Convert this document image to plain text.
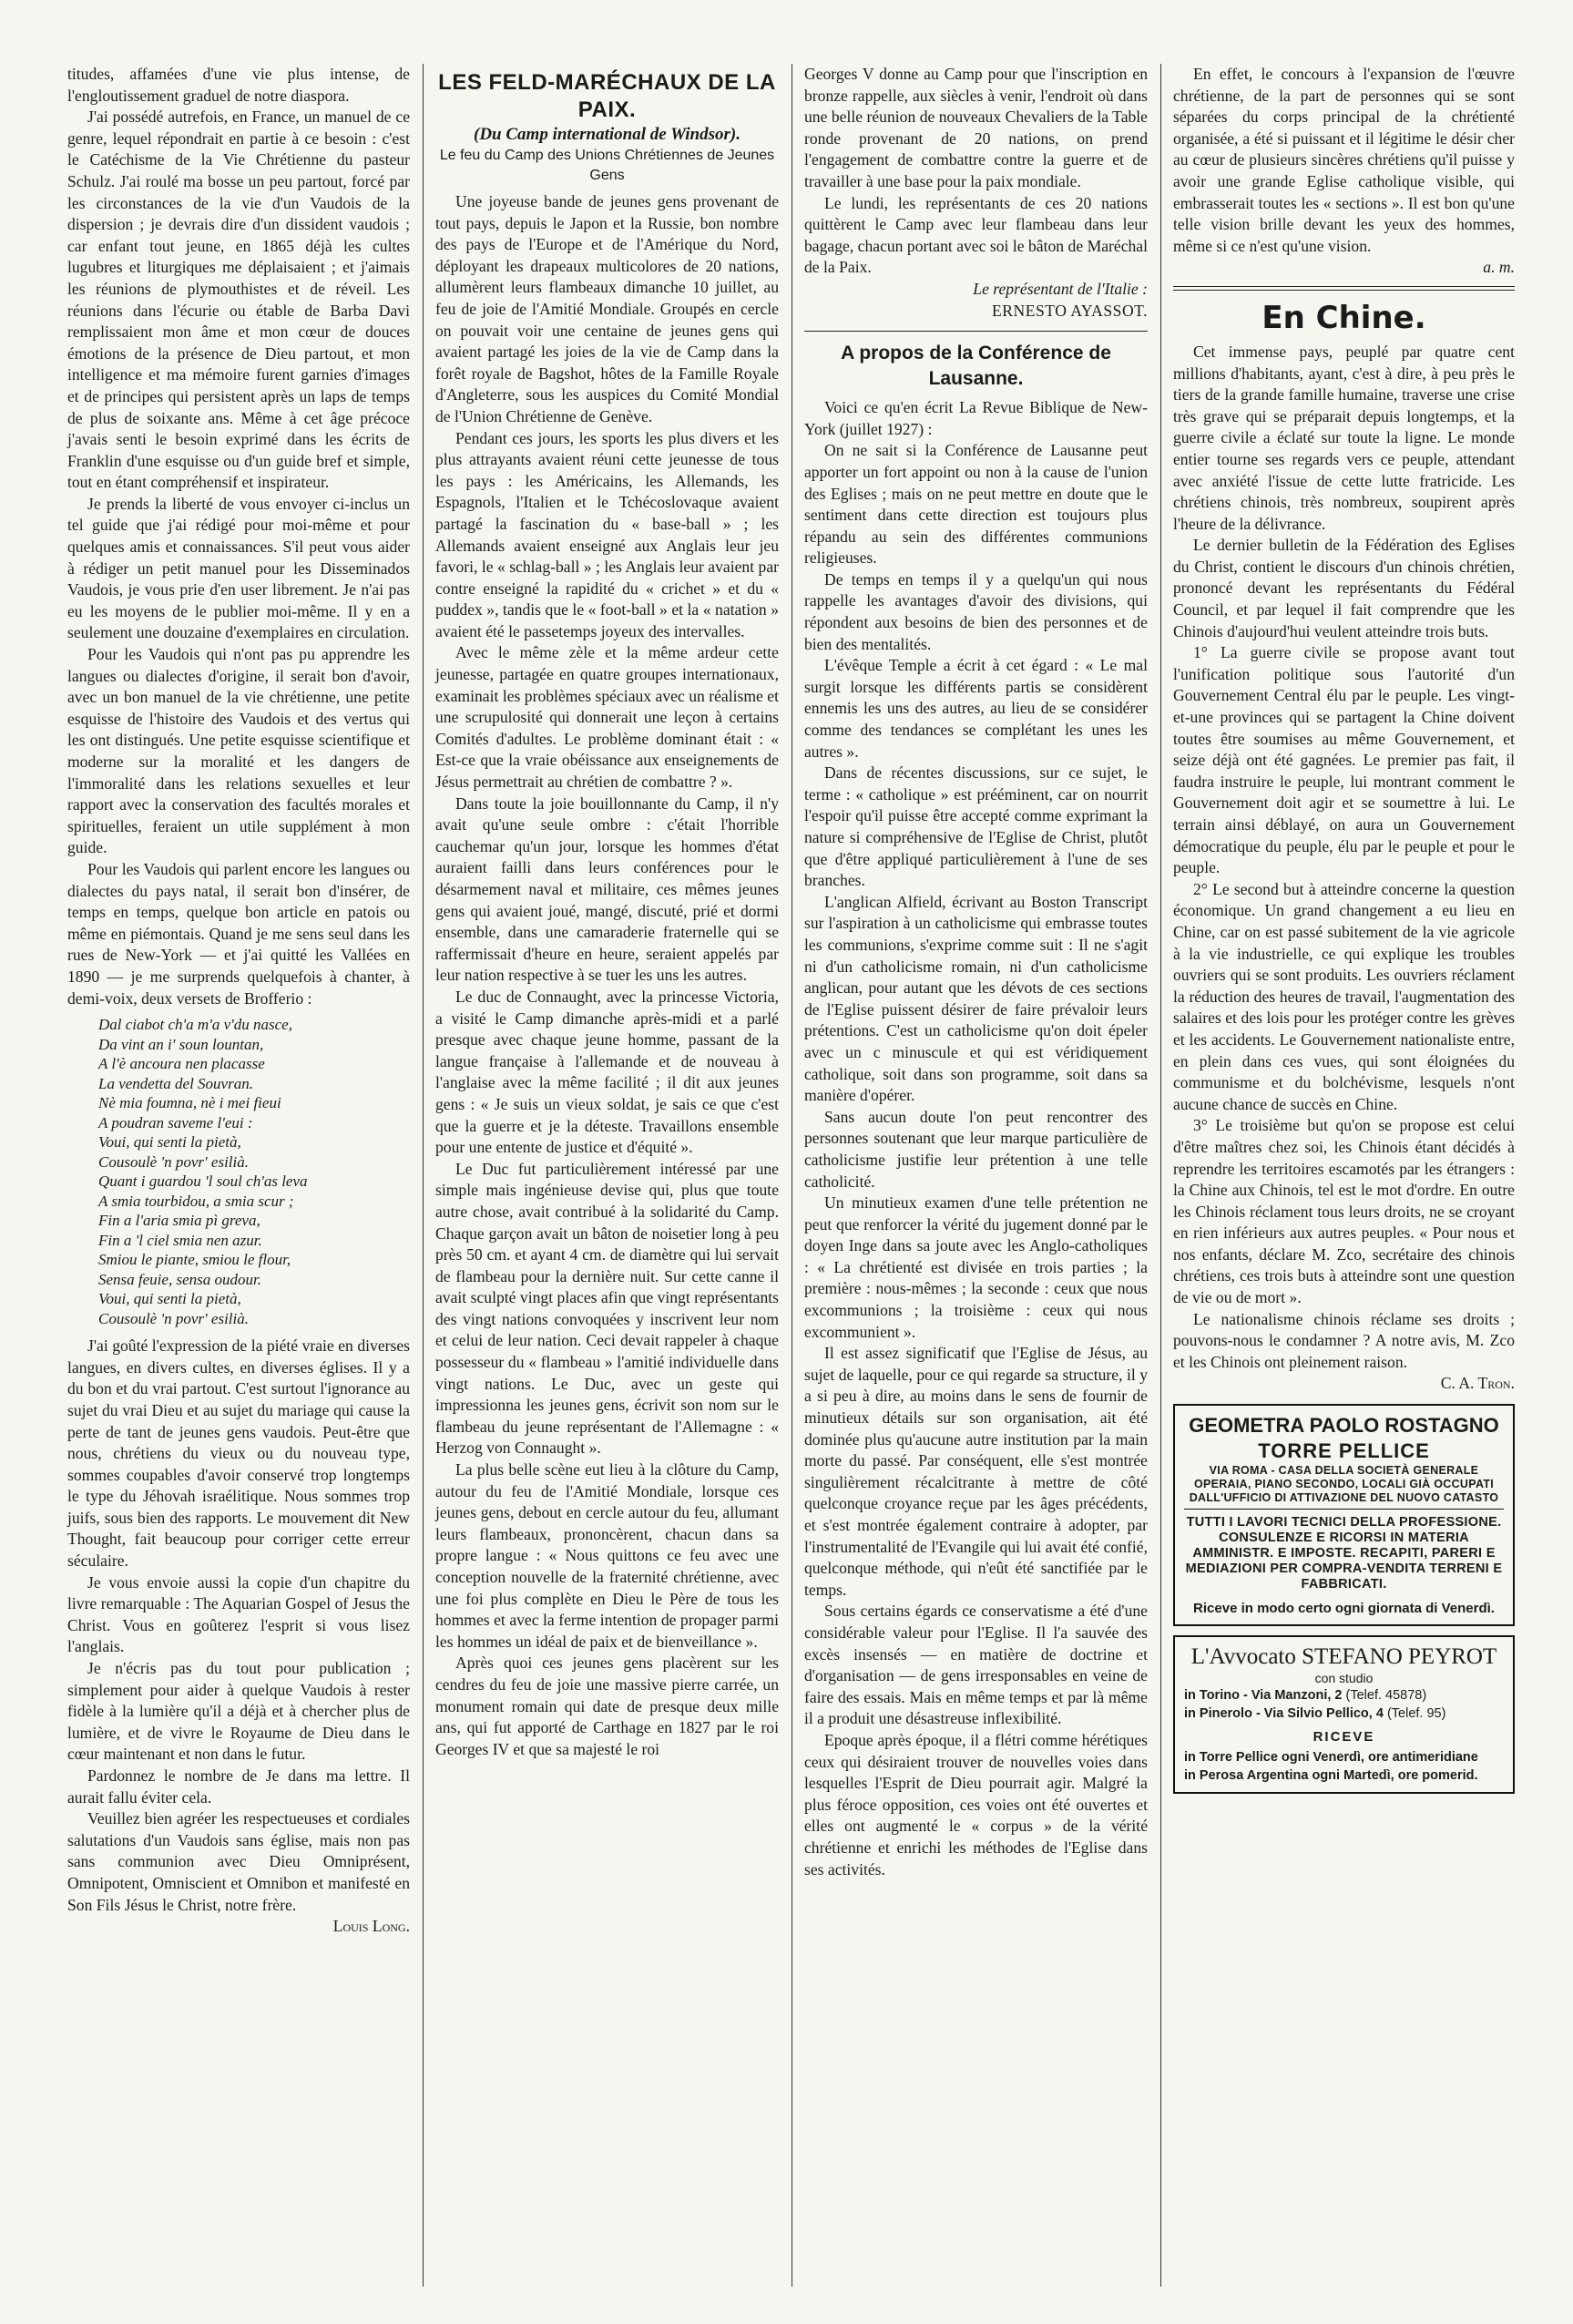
titudes, affamées d'une vie plus intense, de l'engloutissement graduel de notre diaspora.

J'ai possédé autrefois, en France, un manuel de ce genre, lequel répondrait en partie à ce besoin : c'est le Catéchisme de la Vie Chrétienne du pasteur Schulz. J'ai roulé ma bosse un peu partout, forcé par les circonstances de la vie d'un Vaudois de la dispersion ; je devrais dire d'un dissident vaudois ; car enfant tout jeune, en 1865 déjà les cultes lugubres et liturgiques me déplaisaient ; et j'aimais les réunions de plymouthistes et de réveil. Les réunions dans l'écurie ou étable de Barba Davi remplissaient mon âme et mon cœur de douces émotions de la présence de Dieu partout, et mon intelligence et ma mémoire furent garnies d'images et de principes qui persistent après un laps de temps de plus de soixante ans. Même à cet âge précoce j'avais senti le besoin exprimé dans les écrits de Franklin d'une esquisse ou d'un guide bref et simple, tout en étant compréhensif et inspirateur.

Je prends la liberté de vous envoyer ci-inclus un tel guide que j'ai rédigé pour moi-même et pour quelques amis et connaissances. S'il peut vous aider à rédiger un petit manuel pour les Disseminados Vaudois, je vous prie d'en user librement. Je n'ai pas eu les moyens de le publier moi-même. Il y en a seulement une douzaine d'exemplaires en circulation.

Pour les Vaudois qui n'ont pas pu apprendre les langues ou dialectes d'origine, il serait bon d'avoir, avec un bon manuel de la vie chrétienne, une petite esquisse de l'histoire des Vaudois et des vertus qui les ont distingués. Une petite esquisse scientifique et moderne sur la moralité et les dangers de l'immoralité dans les relations sexuelles et leur rapport avec la conservation des facultés morales et spirituelles, feraient un utile supplément à mon guide.

Pour les Vaudois qui parlent encore les langues ou dialectes du pays natal, il serait bon d'insérer, de temps en temps, quelque bon article en patois ou même en piémontais. Quand je me sens seul dans les rues de New-York — et j'ai quitté les Vallées en 1890 — je me surprends quelquefois à chanter, à demi-voix, deux versets de Brofferio :

Dal ciabot ch'a m'a v'du nasce,
Da vint an i' soun lountan,
A l'è ancoura nen placasse
La vendetta del Souvran.
Nè mia foumna, nè i mei fieui
A poudran saveme l'eui :
Voui, qui senti la pietà,
Cousoulè 'n povr' esilià.
Quant i guardou 'l soul ch'as leva
A smia tourbidou, a smia scur ;
Fin a l'aria smia pì greva,
Fin a 'l ciel smia nen azur.
Smiou le piante, smiou le flour,
Sensa feuie, sensa oudour.
Voui, qui senti la pietà,
Cousoulè 'n povr' esilià.

J'ai goûté l'expression de la piété vraie en diverses langues, en divers cultes, en diverses églises. Il y a du bon et du vrai partout. C'est surtout l'ignorance au sujet du vrai Dieu et au sujet du mariage qui cause la perte de tant de jeunes gens vaudois. Peut-être que nous, chrétiens du vieux ou du nouveau type, sommes coupables d'avoir conservé trop longtemps le type du Jéhovah israélitique. Nous sommes trop juifs, sous bien des rapports. Le mouvement dit New Thought, fait beaucoup pour corriger cette erreur séculaire.

Je vous envoie aussi la copie d'un chapitre du livre remarquable : The Aquarian Gospel of Jesus the Christ. Vous en goûterez l'esprit si vous lisez l'anglais.

Je n'écris pas du tout pour publication ; simplement pour aider à quelque Vaudois à rester fidèle à la lumière qu'il a déjà et à chercher plus de lumière, et de vivre le Royaume de Dieu dans le cœur maintenant et non dans le futur.

Pardonnez le nombre de Je dans ma lettre. Il aurait fallu éviter cela.

Veuillez bien agréer les respectueuses et cordiales salutations d'un Vaudois sans église, mais non pas sans communion avec Dieu Omniprésent, Omnipotent, Omniscient et Omnibon et manifesté en Son Fils Jésus le Christ, notre frère.

Louis Long.
LES FELD-MARÉCHAUX DE LA PAIX.
(Du Camp international de Windsor).
Le feu du Camp des Unions Chrétiennes de Jeunes Gens

Une joyeuse bande de jeunes gens provenant de tout pays, depuis le Japon et la Russie, bon nombre des pays de l'Europe et de l'Amérique du Nord, déployant les drapeaux multicolores de 20 nations, allumèrent leurs flambeaux dimanche 10 juillet, au feu de joie de l'Amitié Mondiale. Groupés en cercle on pouvait voir une centaine de jeunes gens qui avaient partagé les joies de la vie de Camp dans la forêt royale de Bagshot, hôtes de la Famille Royale d'Angleterre, sous les auspices du Comité Mondial de l'Union Chrétienne de Genève.

Pendant ces jours, les sports les plus divers et les plus attrayants avaient réuni cette jeunesse de tous les pays : les Américains, les Allemands, les Espagnols, l'Italien et le Tchécoslovaque avaient partagé la fascination du « base-ball » ; les Allemands avaient enseigné aux Anglais leur jeu favori, le « schlag-ball » ; les Anglais leur avaient par contre enseigné la rapidité du « crichet » et du « puddex », tandis que le « foot-ball » et la « natation » avaient été le passetemps joyeux des intervalles.

Avec le même zèle et la même ardeur cette jeunesse, partagée en quatre groupes internationaux, examinait les problèmes spéciaux avec un réalisme et une scrupulosité qui donnerait une leçon à certains Comités d'adultes. Le problème dominant était : « Est-ce que la vraie obéissance aux enseignements de Jésus permettrait au chrétien de combattre ? ».

Dans toute la joie bouillonnante du Camp, il n'y avait qu'une seule ombre : c'était l'horrible cauchemar qu'un jour, lorsque les hommes d'état auraient failli dans leurs conférences pour le désarmement naval et militaire, ces mêmes jeunes gens qui avaient joué, mangé, discuté, prié et dormi ensemble, dans une camaraderie fraternelle qui se raffermissait d'heure en heure, seraient appelés par leur nation respective à se tuer les uns les autres.

Le duc de Connaught, avec la princesse Victoria, a visité le Camp dimanche après-midi et a parlé presque avec chaque jeune homme, passant de la langue française à l'allemande et de nouveau à l'anglaise avec la même facilité ; il dit aux jeunes gens : « Je suis un vieux soldat, je sais ce que c'est que la guerre et je la déteste. Travaillons ensemble pour une entente de justice et d'équité ».

Le Duc fut particulièrement intéressé par une simple mais ingénieuse devise qui, plus que toute autre chose, avait contribué à la solidarité du Camp. Chaque garçon avait un bâton de noisetier long à peu près 50 cm. et ayant 4 cm. de diamètre qui lui servait de flambeau pour la dernière nuit. Sur cette canne il avait sculpté vingt places afin que vingt représentants des vingt nations convoquées y inscrivent leur nom et celui de leur nation. Ceci devait rappeler à chaque possesseur du « flambeau » l'amitié individuelle dans vingt nations. Le Duc, avec un geste qui impressionna les jeunes gens, écrivit son nom sur le flambeau du jeune représentant de l'Allemagne : « Herzog von Connaught ».

La plus belle scène eut lieu à la clôture du Camp, autour du feu de l'Amitié Mondiale, lorsque ces jeunes gens, debout en cercle autour du feu, allumant leurs flambeaux, prononcèrent, chacun dans sa propre langue : « Nous quittons ce feu avec une conception nouvelle de la fraternité chrétienne, avec une foi plus complète en Dieu le Père de tous les hommes et avec la ferme intention de propager parmi les hommes un idéal de paix et de bienveillance ».

Après quoi ces jeunes gens placèrent sur les cendres du feu de joie une massive pierre carrée, un monument romain qui date de presque deux mille ans, qui fut apporté de Carthage en 1827 par le roi Georges IV et que sa majesté le roi

Georges V donne au Camp pour que l'inscription en bronze rappelle, aux siècles à venir, l'endroit où dans une belle réunion de nouveaux Chevaliers de la Table ronde provenant de 20 nations, on prend l'engagement de combattre contre la guerre et de travailler à une base pour la paix mondiale.

Le lundi, les représentants de ces 20 nations quittèrent le Camp avec leur flambeau dans leur bagage, chacun portant avec soi le bâton de Maréchal de la Paix.

Le représentant de l'Italie :
ERNESTO AYASSOT.
A propos de la Conférence de Lausanne.

Voici ce qu'en écrit La Revue Biblique de New-York (juillet 1927) :

On ne sait si la Conférence de Lausanne peut apporter un fort appoint ou non à la cause de l'union des Eglises ; mais on ne peut mettre en doute que le sentiment dans cette direction est toujours plus répandu au sein des différentes communions religieuses.

De temps en temps il y a quelqu'un qui nous rappelle les avantages d'avoir des divisions, qui répondent aux besoins de bien des personnes et de bien des mentalités.

L'évêque Temple a écrit à cet égard : « Le mal surgit lorsque les différents partis se considèrent ennemis les uns des autres, au lieu de se considérer comme des tendances se complétant les unes les autres ».

Dans de récentes discussions, sur ce sujet, le terme : « catholique » est prééminent, car on nourrit l'espoir qu'il puisse être accepté comme exprimant la nature si compréhensive de l'Eglise de Christ, plutôt que d'être appliqué particulièrement à l'une de ses branches.

L'anglican Alfield, écrivant au Boston Transcript sur l'aspiration à un catholicisme qui embrasse toutes les communions, s'exprime comme suit : Il ne s'agit ni d'un catholicisme romain, ni d'un catholicisme anglican, pour autant que les dévots de ces sections de l'Eglise puissent désirer de faire prévaloir leurs prétentions. C'est un catholicisme qu'on doit épeler avec un c minuscule et qui est véridiquement catholique, soit dans son programme, soit dans sa manière d'opérer.

Sans aucun doute l'on peut rencontrer des personnes soutenant que leur marque particulière de catholicisme justifie leur prétention à une telle catholicité.

Un minutieux examen d'une telle prétention ne peut que renforcer la vérité du jugement donné par le doyen Inge dans sa joute avec les Anglo-catholiques : « La chrétienté est divisée en trois parties ; la première : nous-mêmes ; la seconde : ceux que nous excommunions ; la troisième : ceux qui nous excommunient ».

Il est assez significatif que l'Eglise de Jésus, au sujet de laquelle, pour ce qui regarde sa structure, il y a si peu à dire, au moins dans le sens de fournir de minutieux détails sur son organisation, ait été dominée plus qu'aucune autre institution par la main morte du passé. Par conséquent, elle s'est montrée singulièrement récalcitrante à mettre de côté quelconque croyance reçue par les âges précédents, et s'est montrée également contraire à adopter, par l'instrumentalité de l'Evangile qui lui avait été confié, quelconque méthode, qui n'eût été sanctifiée par le temps.

Sous certains égards ce conservatisme a été d'une considérable valeur pour l'Eglise. Il l'a sauvée des excès insensés — en matière de doctrine et d'organisation — de gens irresponsables en veine de faire des essais. Mais en même temps et par là même il a produit une désastreuse inflexibilité.

Epoque après époque, il a flétri comme hérétiques ceux qui désiraient trouver de nouvelles voies dans lesquelles l'Esprit de Dieu pourrait agir. Malgré la plus féroce opposition, ces voies ont été ouvertes et elles ont augmenté le « corpus » de la vérité chrétienne et enrichi les méthodes de l'Eglise dans ses activités.

En effet, le concours à l'expansion de l'œuvre chrétienne, de la part de personnes qui se sont séparées du corps principal de la chrétienté organisée, a été si puissant et il légitime le désir cher au cœur de plusieurs sincères chrétiens qu'il puisse y avoir une grande Eglise catholique visible, qui embrasserait toutes les « sections ». Il est bon qu'une telle vision brille devant les yeux des hommes, même si ce n'est qu'une vision.

a. m.
En Chine.

Cet immense pays, peuplé par quatre cent millions d'habitants, ayant, c'est à dire, à peu près le tiers de la grande famille humaine, traverse une crise très grave qui se préparait depuis longtemps, et la guerre civile a éclaté sur toute la ligne. Le monde entier tourne ses regards vers ce peuple, attendant avec anxiété l'issue de cette lutte fratricide. Les chrétiens chinois, très nombreux, soupirent après l'heure de la délivrance.

Le dernier bulletin de la Fédération des Eglises du Christ, contient le discours d'un chinois chrétien, prononcé devant les représentants du Fédéral Council, et par lequel il fait comprendre que les Chinois d'aujourd'hui veulent atteindre trois buts.

1° La guerre civile se propose avant tout l'unification politique sous l'autorité d'un Gouvernement Central élu par le peuple. Les vingt-et-une provinces qui se partagent la Chine doivent toutes être soumises au même Gouvernement, et seize déjà ont été gagnées. Le premier pas fait, il faudra instruire le peuple, lui montrant comment le Gouvernement doit agir et se soumettre à lui. Le terrain ainsi déblayé, on aura un Gouvernement démocratique du peuple, élu par le peuple et pour le peuple.

2° Le second but à atteindre concerne la question économique. Un grand changement a eu lieu en Chine, car on est passé subitement de la vie agricole à la vie industrielle, ce qui explique les troubles ouvriers qui se sont produits. Les ouvriers réclament la réduction des heures de travail, l'augmentation des salaires et des lois pour les protéger contre les grèves et les accidents. Le Gouvernement nationaliste entre, en plein dans ces vues, qui sont éloignées du communisme et du bolchévisme, lesquels n'ont aucune chance de succès en Chine.

3° Le troisième but qu'on se propose est celui d'être maîtres chez soi, les Chinois étant décidés à reprendre les territoires escamotés par les étrangers : la Chine aux Chinois, tel est le mot d'ordre. En outre les Chinois réclament tous leurs droits, ne se croyant en rien inférieurs aux autres peuples. « Pour nous et nos enfants, déclare M. Zco, secrétaire des chinois chrétiens, ces trois buts à atteindre sont une question de vie ou de mort ».

Le nationalisme chinois réclame ses droits ; pouvons-nous le condamner ? A notre avis, M. Zco et les Chinois ont pleinement raison.

C. A. Tron.
GEOMETRA PAOLO ROSTAGNO
TORRE PELLICE
VIA ROMA - CASA DELLA SOCIETÀ GENERALE OPERAIA, PIANO SECONDO, LOCALI GIÀ OCCUPATI DALL'UFFICIO DI ATTIVAZIONE DEL NUOVO CATASTO
TUTTI I LAVORI TECNICI DELLA PROFESSIONE. CONSULENZE E RICORSI IN MATERIA AMMINISTR. E IMPOSTE. RECAPITI, PARERI E MEDIAZIONI PER COMPRA-VENDITA TERRENI E FABBRICATI.
Riceve in modo certo ogni giornata di Venerdì.
L'Avvocato STEFANO PEYROT
con studio
in Torino - Via Manzoni, 2 (Telef. 45878)
in Pinerolo - Via Silvio Pellico, 4 (Telef. 95)
RICEVE
in Torre Pellice ogni Venerdì, ore antimeridiane
in Perosa Argentina ogni Martedì, ore pomerid.
